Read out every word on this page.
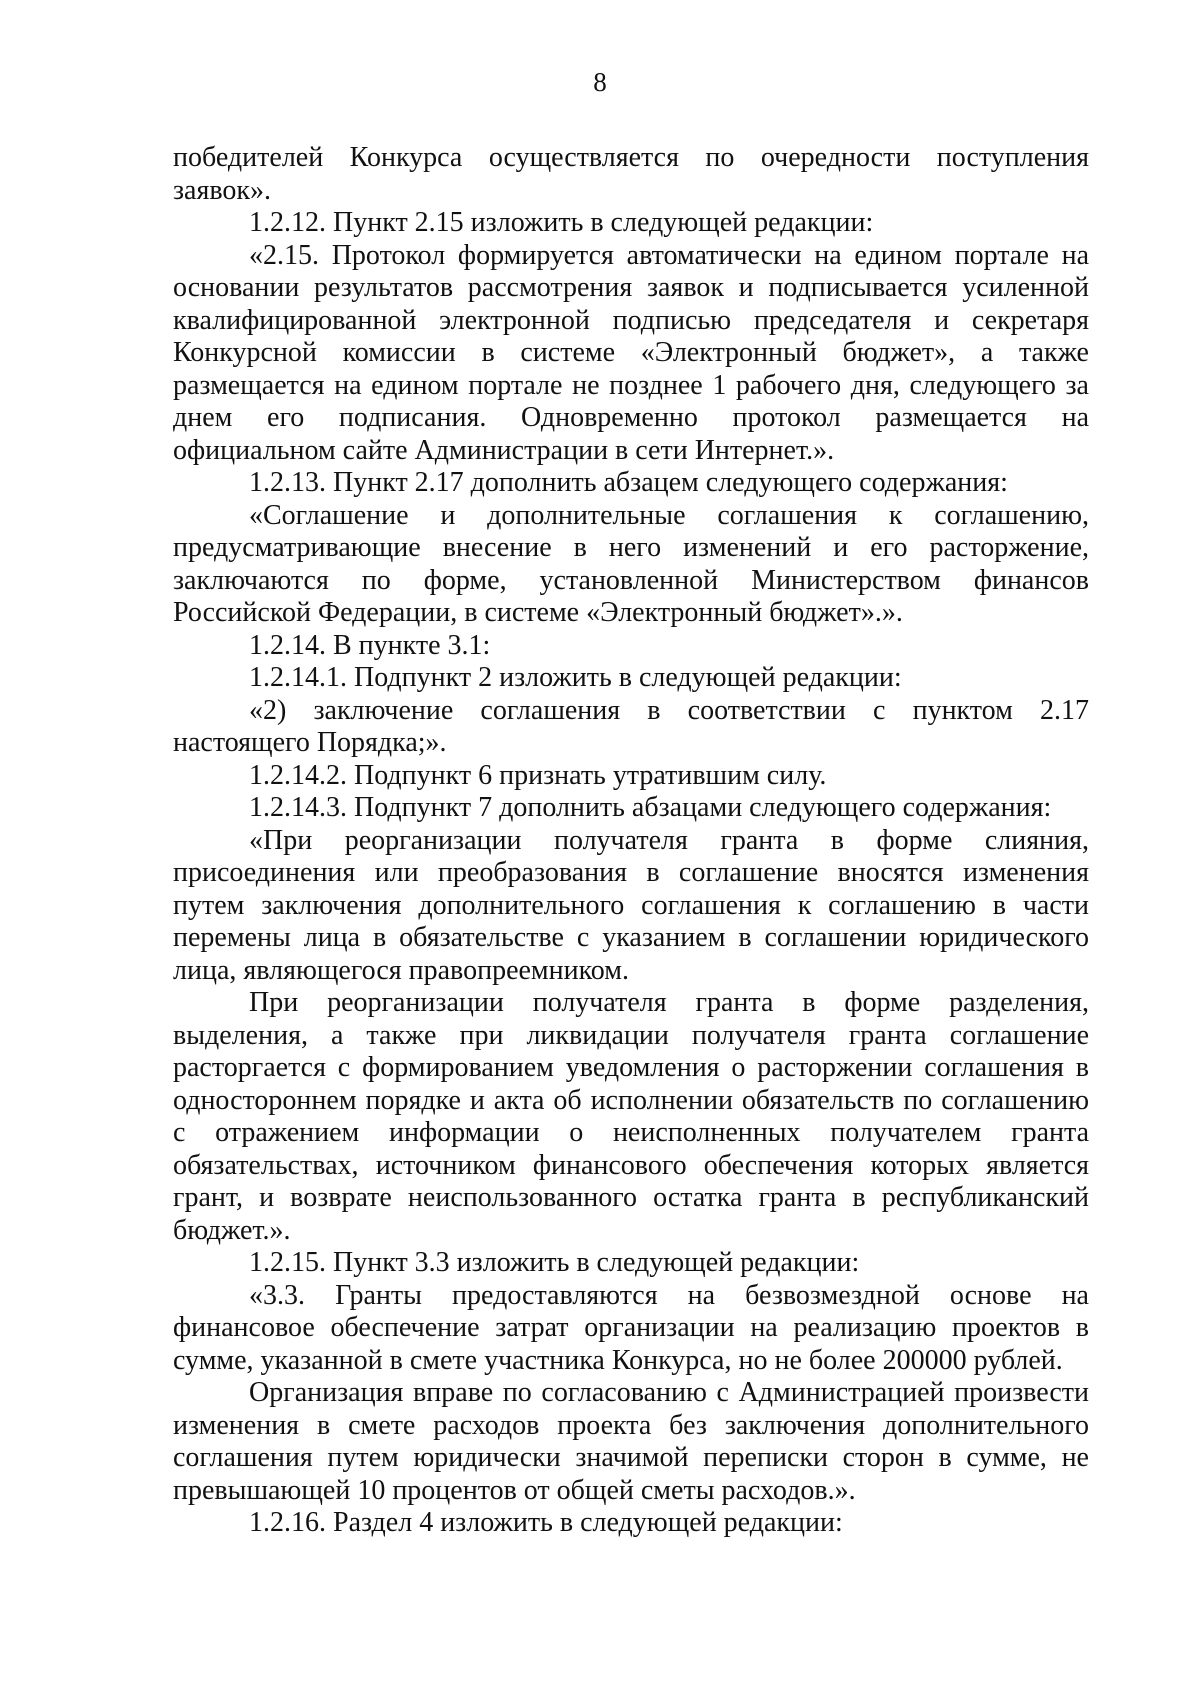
8

победителей Конкурса осуществляется по очередности поступления заявок».

1.2.12. Пункт 2.15 изложить в следующей редакции:

«2.15. Протокол формируется автоматически на едином портале на основании результатов рассмотрения заявок и подписывается усиленной квалифицированной электронной подписью председателя и секретаря Конкурсной комиссии в системе «Электронный бюджет», а также размещается на едином портале не позднее 1 рабочего дня, следующего за днем его подписания. Одновременно протокол размещается на официальном сайте Администрации в сети Интернет.».

1.2.13. Пункт 2.17 дополнить абзацем следующего содержания:

«Соглашение и дополнительные соглашения к соглашению, предусматривающие внесение в него изменений и его расторжение, заключаются по форме, установленной Министерством финансов Российской Федерации, в системе «Электронный бюджет».».

1.2.14. В пункте 3.1:

1.2.14.1. Подпункт 2 изложить в следующей редакции:

«2) заключение соглашения в соответствии с пунктом 2.17 настоящего Порядка;».

1.2.14.2. Подпункт 6 признать утратившим силу.

1.2.14.3. Подпункт 7 дополнить абзацами следующего содержания:

«При реорганизации получателя гранта в форме слияния, присоединения или преобразования в соглашение вносятся изменения путем заключения дополнительного соглашения к соглашению в части перемены лица в обязательстве с указанием в соглашении юридического лица, являющегося правопреемником.

При реорганизации получателя гранта в форме разделения, выделения, а также при ликвидации получателя гранта соглашение расторгается с формированием уведомления о расторжении соглашения в одностороннем порядке и акта об исполнении обязательств по соглашению с отражением информации о неисполненных получателем гранта обязательствах, источником финансового обеспечения которых является грант, и возврате неиспользованного остатка гранта в республиканский бюджет.».

1.2.15. Пункт 3.3 изложить в следующей редакции:

«3.3. Гранты предоставляются на безвозмездной основе на финансовое обеспечение затрат организации на реализацию проектов в сумме, указанной в смете участника Конкурса, но не более 200000 рублей.

Организация вправе по согласованию с Администрацией произвести изменения в смете расходов проекта без заключения дополнительного соглашения путем юридически значимой переписки сторон в сумме, не превышающей 10 процентов от общей сметы расходов.».

1.2.16. Раздел 4 изложить в следующей редакции:
